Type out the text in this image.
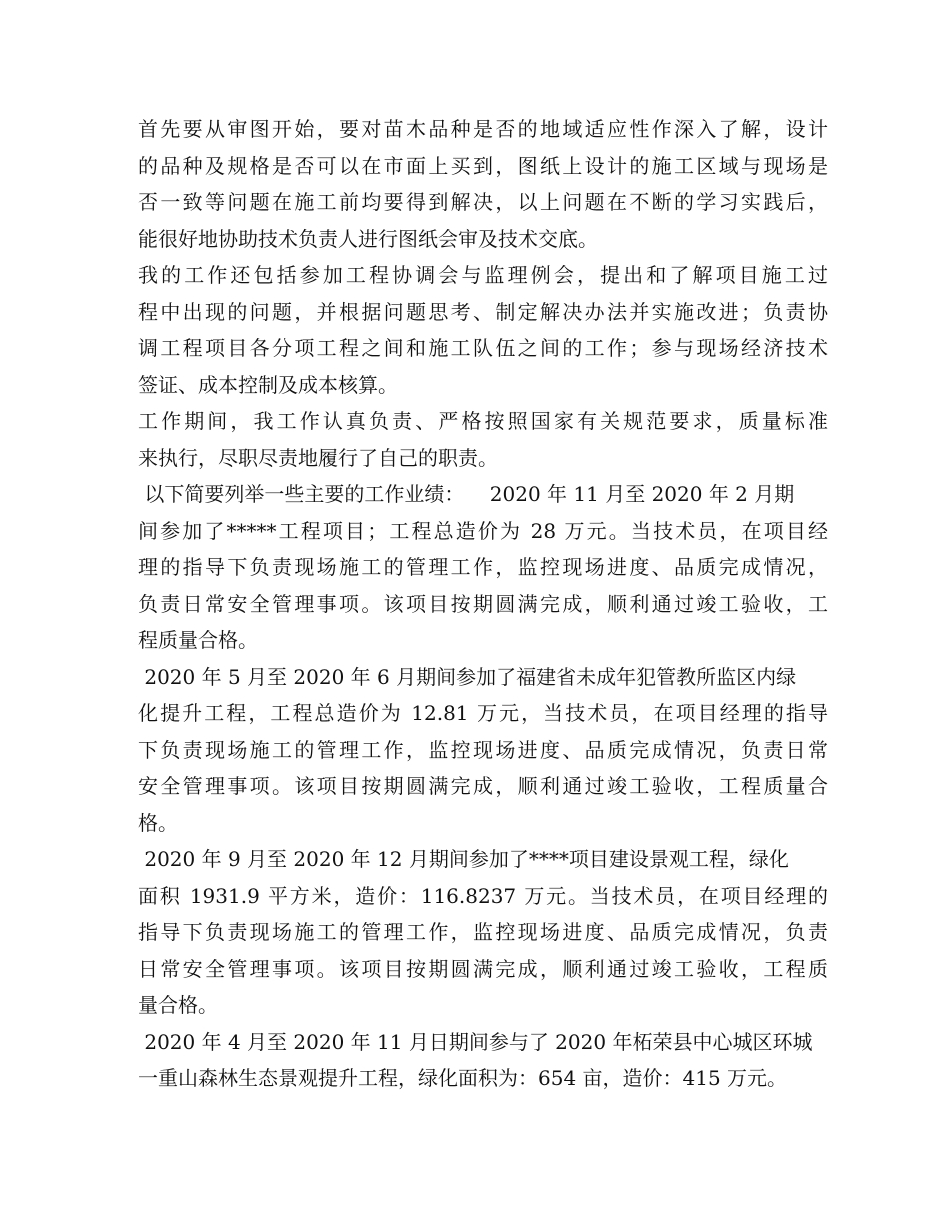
首先要从审图开始，要对苗木品种是否的地域适应性作深入了解，设计
的品种及规格是否可以在市面上买到，图纸上设计的施工区域与现场是
否一致等问题在施工前均要得到解决，以上问题在不断的学习实践后，
能很好地协助技术负责人进行图纸会审及技术交底。
我的工作还包括参加工程协调会与监理例会，提出和了解项目施工过
程中出现的问题，并根据问题思考、制定解决办法并实施改进；负责协
调工程项目各分项工程之间和施工队伍之间的工作；参与现场经济技术
签证、成本控制及成本核算。
工作期间，我工作认真负责、严格按照国家有关规范要求，质量标准
来执行，尽职尽责地履行了自己的职责。
以下简要列举一些主要的工作业绩：    2020 年 11 月至 2020 年 2 月期
间参加了*****工程项目；工程总造价为 28 万元。当技术员，在项目经
理的指导下负责现场施工的管理工作，监控现场进度、品质完成情况，
负责日常安全管理事项。该项目按期圆满完成，顺利通过竣工验收，工
程质量合格。
2020 年 5 月至 2020 年 6 月期间参加了福建省未成年犯管教所监区内绿
化提升工程，工程总造价为 12.81 万元，当技术员，在项目经理的指导
下负责现场施工的管理工作，监控现场进度、品质完成情况，负责日常
安全管理事项。该项目按期圆满完成，顺利通过竣工验收，工程质量合
格。
2020 年 9 月至 2020 年 12 月期间参加了****项目建设景观工程，绿化
面积 1931.9 平方米，造价：116.8237 万元。当技术员，在项目经理的
指导下负责现场施工的管理工作，监控现场进度、品质完成情况，负责
日常安全管理事项。该项目按期圆满完成，顺利通过竣工验收，工程质
量合格。
2020 年 4 月至 2020 年 11 月日期间参与了 2020 年柘荣县中心城区环城
一重山森林生态景观提升工程，绿化面积为：654 亩，造价：415 万元。
